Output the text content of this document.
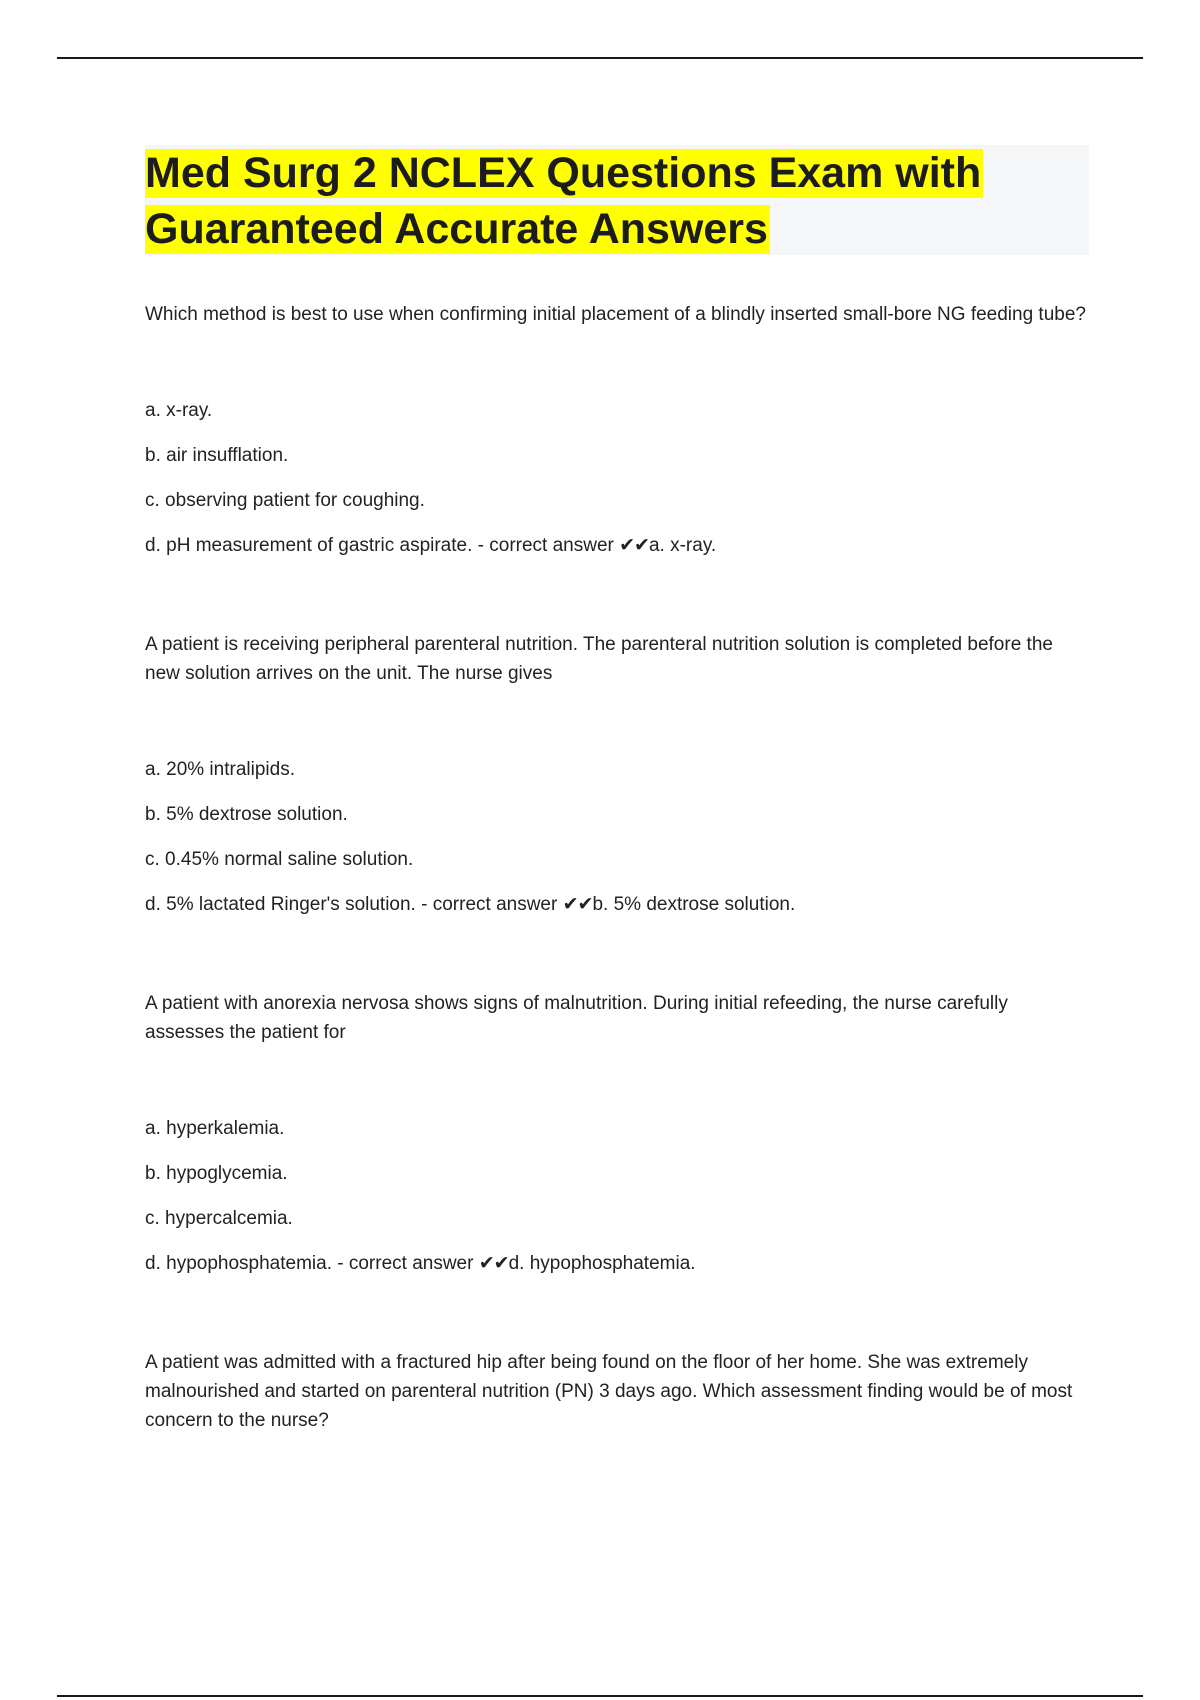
Med Surg 2 NCLEX Questions Exam with
Guaranteed Accurate Answers

Which method is best to use when confirming initial placement of a blindly inserted small-bore NG feeding tube?

a. x-ray.

b. air insufflation.

c. observing patient for coughing.

d. pH measurement of gastric aspirate. - correct answer ✔✔a. x-ray.

A patient is receiving peripheral parenteral nutrition. The parenteral nutrition solution is completed before the new solution arrives on the unit. The nurse gives

a. 20% intralipids.

b. 5% dextrose solution.

c. 0.45% normal saline solution.

d. 5% lactated Ringer's solution. - correct answer ✔✔b. 5% dextrose solution.

A patient with anorexia nervosa shows signs of malnutrition. During initial refeeding, the nurse carefully assesses the patient for

a. hyperkalemia.

b. hypoglycemia.

c. hypercalcemia.

d. hypophosphatemia. - correct answer ✔✔d. hypophosphatemia.

A patient was admitted with a fractured hip after being found on the floor of her home. She was extremely malnourished and started on parenteral nutrition (PN) 3 days ago. Which assessment finding would be of most concern to the nurse?
